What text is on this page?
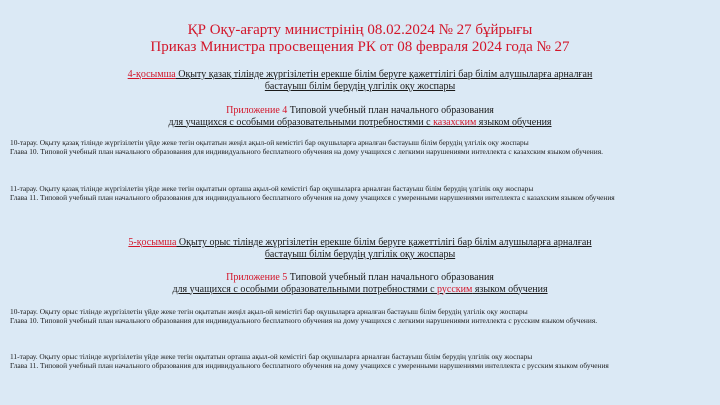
ҚР Оқу-ағарту министрінің 08.02.2024 № 27 бұйрығы
Приказ Министра просвещения РК от 08 февраля 2024 года № 27
4-қосымша Оқыту қазақ тілінде жүргізілетін ерекше білім беруге қажеттілігі бар білім алушыларға арналған
бастауыш білім берудің үлгілік оқу жоспары
Приложение 4 Типовой учебный план начального образования
для учащихся с особыми образовательными потребностями с казахским языком обучения
10-тарау. Оқыту қазақ тілінде жүргізілетін үйде жеке тегін оқытатын жеңіл ақыл-ой кемістігі бар оқушыларға арналған бастауыш білім берудің үлгілік оқу жоспары
Глава 10. Типовой учебный план начального образования для индивидуального бесплатного обучения на дому учащихся с легкими нарушениями интеллекта с казахским языком обучения.
11-тарау. Оқыту қазақ тілінде жүргізілетін үйде жеке тегін оқытатын орташа ақыл-ой кемістігі бар оқушыларға арналған бастауыш білім берудің үлгілік оқу жоспары
Глава 11. Типовой учебный план начального образования для индивидуального бесплатного обучения на дому учащихся с умеренными нарушениями интеллекта с казахским языком обучения
5-қосымша Оқыту орыс тілінде жүргізілетін ерекше білім беруге қажеттілігі бар білім алушыларға арналған
бастауыш білім берудің үлгілік оқу жоспары
Приложение 5 Типовой учебный план начального образования
для учащихся с особыми образовательными потребностями с русским языком обучения
10-тарау. Оқыту орыс тілінде жүргізілетін үйде жеке тегін оқытатын жеңіл ақыл-ой кемістігі бар оқушыларға арналған бастауыш білім берудің үлгілік оқу жоспары
Глава 10. Типовой учебный план начального образования для индивидуального бесплатного обучения на дому учащихся с легкими нарушениями интеллекта с русским языком обучения.
11-тарау. Оқыту орыс тілінде жүргізілетін үйде жеке тегін оқытатын орташа ақыл-ой кемістігі бар оқушыларға арналған бастауыш білім берудің үлгілік оқу жоспары
Глава 11. Типовой учебный план начального образования для индивидуального бесплатного обучения на дому учащихся с умеренными нарушениями интеллекта с русским языком обучения
